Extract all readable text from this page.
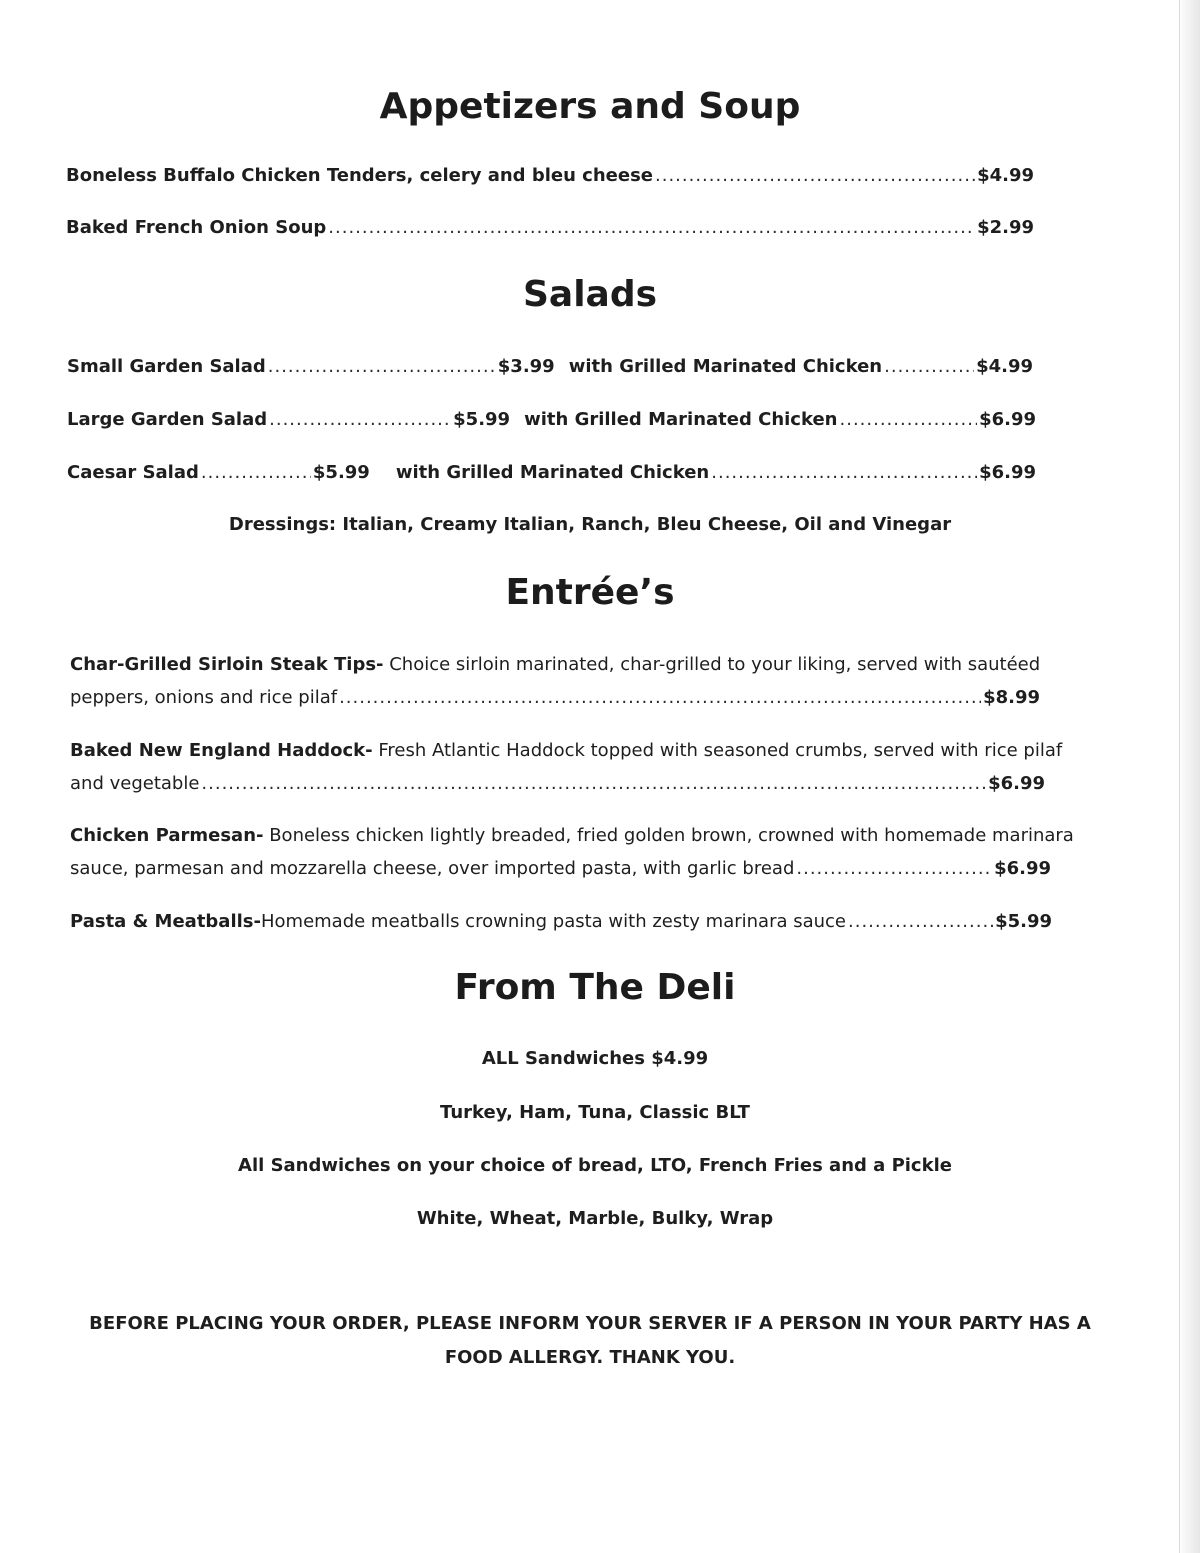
Appetizers and Soup
Boneless Buffalo Chicken Tenders, celery and bleu cheese .....	$4.99
Baked French Onion Soup .....	$2.99
Salads
Small Garden Salad .....	$3.99 with Grilled Marinated Chicken .....	$4.99
Large Garden Salad .....	$5.99 with Grilled Marinated Chicken .....	$6.99
Caesar Salad .....	$5.99 with Grilled Marinated Chicken .....	$6.99
Dressings: Italian, Creamy Italian, Ranch, Bleu Cheese, Oil and Vinegar
Entrée’s
Char-Grilled Sirloin Steak Tips- Choice sirloin marinated, char-grilled to your liking, served with sautéed
peppers, onions and rice pilaf .....	$8.99
Baked New England Haddock- Fresh Atlantic Haddock topped with seasoned crumbs, served with rice pilaf
and vegetable .....	$6.99
Chicken Parmesan- Boneless chicken lightly breaded, fried golden brown, crowned with homemade marinara
sauce, parmesan and mozzarella cheese, over imported pasta, with garlic bread .....	$6.99
Pasta & Meatballs- Homemade meatballs crowning pasta with zesty marinara sauce .....	$5.99
From The Deli
ALL Sandwiches $4.99
Turkey, Ham, Tuna, Classic BLT
All Sandwiches on your choice of bread, LTO, French Fries and a Pickle
White, Wheat, Marble, Bulky, Wrap
BEFORE PLACING YOUR ORDER, PLEASE INFORM YOUR SERVER IF A PERSON IN YOUR PARTY HAS A FOOD ALLERGY. THANK YOU.
